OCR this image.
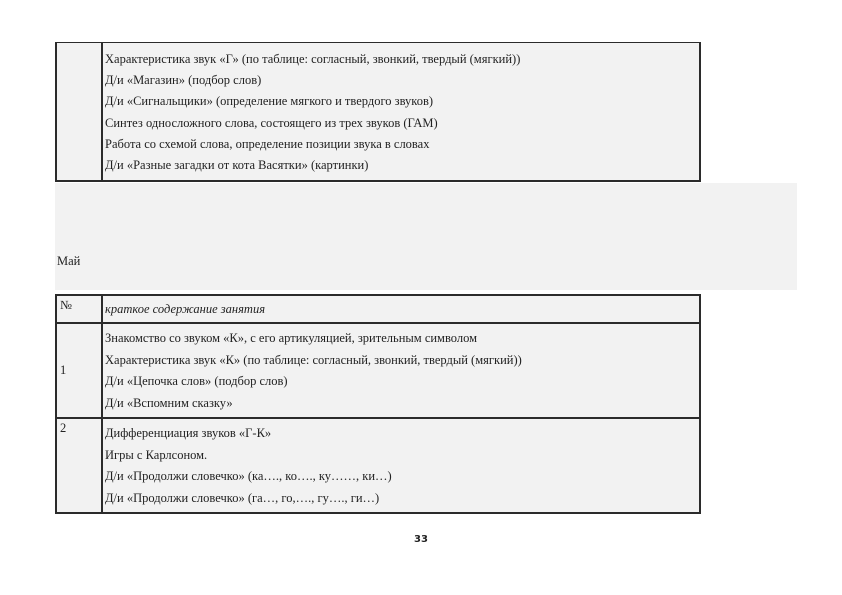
Характеристика звук «Г» (по таблице: согласный, звонкий, твердый (мягкий))
Д/и «Магазин» (подбор слов)
Д/и «Сигнальщики» (определение мягкого и твердого звуков)
Синтез односложного слова, состоящего из трех звуков (ГАМ)
Работа со схемой слова, определение позиции звука в словах
Д/и «Разные загадки от кота Васятки» (картинки)
Май
№	краткое содержание занятия
1	Знакомство со звуком «К», с его артикуляцией, зрительным символом
Характеристика звук «К» (по таблице: согласный, звонкий, твердый (мягкий))
Д/и «Цепочка слов» (подбор слов)
Д/и «Вспомним сказку»

2	Дифференциация звуков «Г-К»
Игры с Карлсоном.
Д/и «Продолжи словечко» (ка…., ко…., ку……, ки…)
Д/и «Продолжи словечко» (га…, го,…., гу…., ги…)
33
